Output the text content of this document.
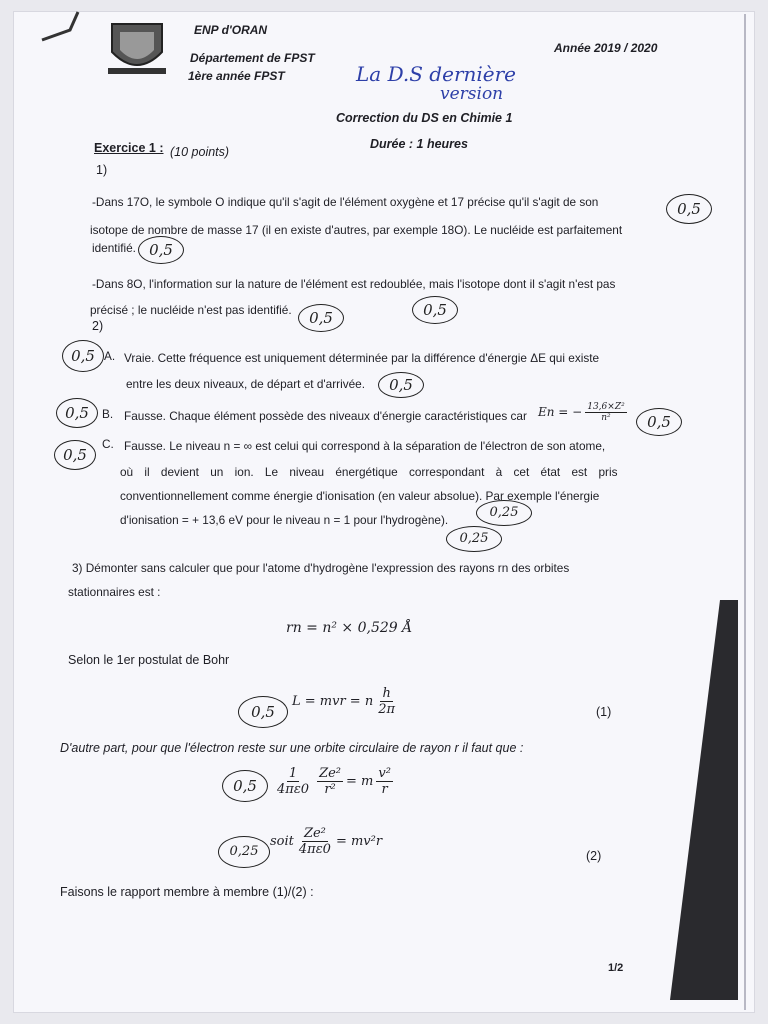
ENP d'ORAN
Département de FPST
1ère année FPST
Année 2019 / 2020
La D.S dernière
version
Correction du DS en Chimie 1
Durée : 1 heures
Exercice 1 : (10 points)
1)
-Dans 17O, le symbole O indique qu'il s'agit de l'élément oxygène et 17 précise qu'il s'agit de son
isotope de nombre de masse 17 (il en existe d'autres, par exemple 18O). Le nucléide est parfaitement
identifié.
-Dans 8O, l'information sur la nature de l'élément est redoublée, mais l'isotope dont il s'agit n'est pas
précisé ; le nucléide n'est pas identifié.
2)
A. Vraie. Cette fréquence est uniquement déterminée par la différence d'énergie ΔE qui existe
entre les deux niveaux, de départ et d'arrivée.
B. Fausse. Chaque élément possède des niveaux d'énergie caractéristiques car En = − $\frac{\text{13,6×Z²}}{\text{n²}}$
C. Fausse. Le niveau n = ∞ est celui qui correspond à la séparation de l'électron de son atome,
où il devient un ion. Le niveau énergétique correspondant à cet état est pris
conventionnellement comme énergie d'ionisation (en valeur absolue). Par exemple l'énergie
d'ionisation = + 13,6 eV pour le niveau n = 1 pour l'hydrogène).
3) Démonter sans calculer que pour l'atome d'hydrogène l'expression des rayons rn des orbites
stationnaires est :
rn = n² × 0,529 Å
Selon le 1er postulat de Bohr
L = mvr = n $\frac{h}{2\pi}$	(1)
D'autre part, pour que l'électron reste sur une orbite circulaire de rayon r il faut que :
$\frac{1}{4\pi\varepsilon 0} \frac{\text{Ze²}}{\text{r²}} = m \frac{\text{v²}}{r}$
soit $\frac{\text{Ze²}}{4\pi\varepsilon 0} = mv^2r$
(2)
Faisons le rapport membre à membre (1)/(2) :
1/2
0,5
0,5
0,5	0,5
0,5
0,5
0,5	0,5
0,5
0,25
0,25
0,5
0,5
0,25
